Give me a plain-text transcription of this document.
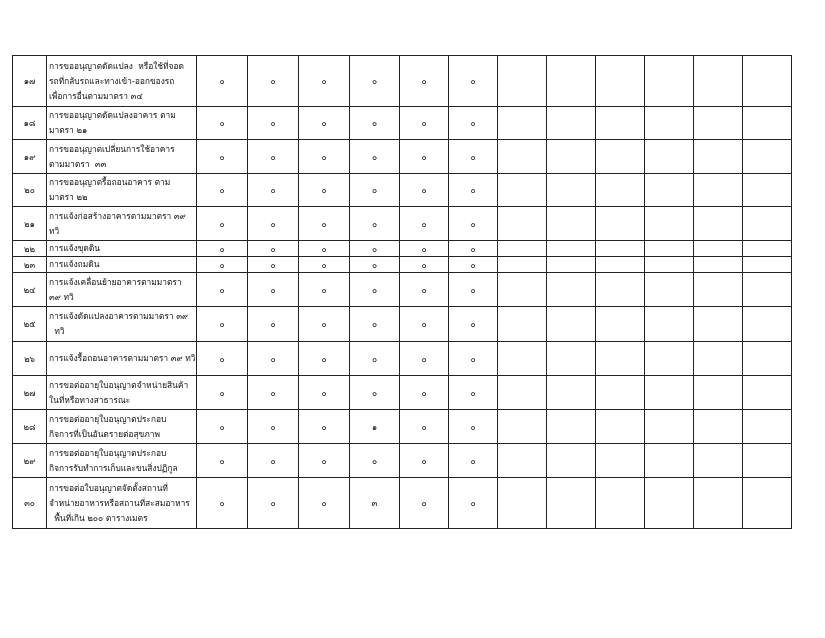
๑๗	การขออนุญาตดัดแปลง  หรือใช้ที่จอด
รถที่กลับรถและทางเข้า-ออกของรถ
เพื่อการอื่นตามมาตรา ๓๔	๐	๐	๐	๐	๐	๐						
๑๘	การขออนุญาตดัดแปลงอาคาร ตาม
มาตรา ๒๑	๐	๐	๐	๐	๐	๐						
๑๙	การขออนุญาตเปลี่ยนการใช้อาคาร
ตามมาตรา  ๓๓	๐	๐	๐	๐	๐	๐						
๒๐	การขออนุญาตรื้อถอนอาคาร ตาม
มาตรา ๒๒	๐	๐	๐	๐	๐	๐						
๒๑	การแจ้งก่อสร้างอาคารตามมาตรา ๓๙
ทวิ	๐	๐	๐	๐	๐	๐						
๒๒	การแจ้งขุดดิน	๐	๐	๐	๐	๐	๐						
๒๓	การแจ้งถมดิน	๐	๐	๐	๐	๐	๐						
๒๔	การแจ้งเคลื่อนย้ายอาคารตามมาตรา
๓๙ ทวิ	๐	๐	๐	๐	๐	๐						
๒๕	การแจ้งดัดแปลงอาคารตามมาตรา ๓๙
ทวิ	๐	๐	๐	๐	๐	๐						
๒๖	การแจ้งรื้อถอนอาคารตามมาตรา ๓๙ ทวิ	๐	๐	๐	๐	๐	๐						
๒๗	การขอต่ออายุใบอนุญาตจำหน่ายสินค้า
ในที่หรือทางสาธารณะ	๐	๐	๐	๐	๐	๐						
๒๘	การขอต่ออายุใบอนุญาตประกอบ
กิจการที่เป็นอันตรายต่อสุขภาพ	๐	๐	๐	๑	๐	๐						
๒๙	การขอต่ออายุใบอนุญาตประกอบ
กิจการรับทำการเก็บและขนสิ่งปฏิกูล	๐	๐	๐	๐	๐	๐						
๓๐	การขอต่อใบอนุญาตจัดตั้งสถานที่
จำหน่ายอาหารหรือสถานที่สะสมอาหาร
พื้นที่เกิน ๒๐๐ ตารางเมตร	๐	๐	๐	๓	๐	๐						
